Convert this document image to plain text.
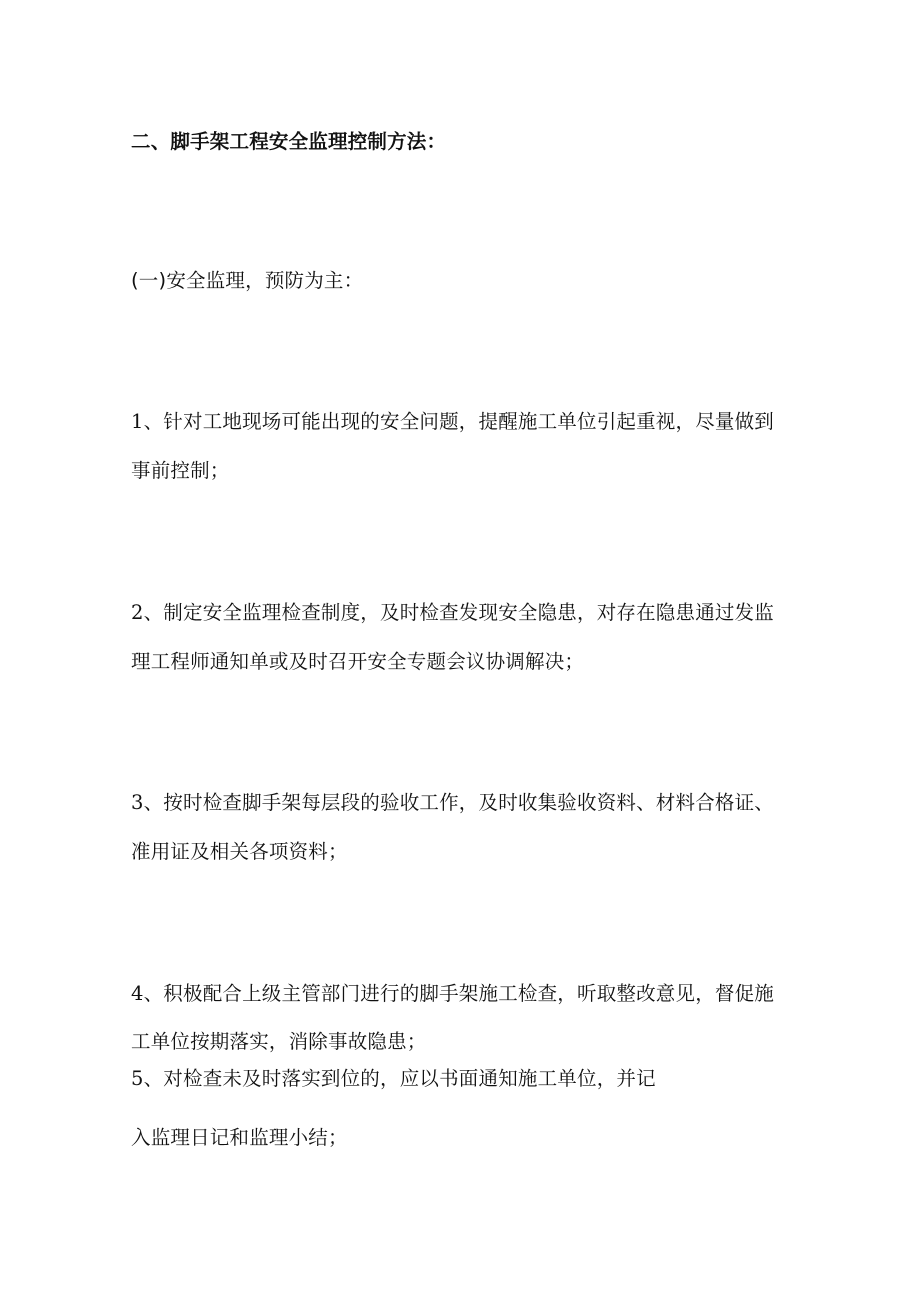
二、脚手架工程安全监理控制方法：
(一)安全监理，预防为主：
1、针对工地现场可能出现的安全问题，提醒施工单位引起重视，尽量做到
事前控制；
2、制定安全监理检查制度，及时检查发现安全隐患，对存在隐患通过发监
理工程师通知单或及时召开安全专题会议协调解决；
3、按时检查脚手架每层段的验收工作，及时收集验收资料、材料合格证、
准用证及相关各项资料；
4、积极配合上级主管部门进行的脚手架施工检查，听取整改意见，督促施
工单位按期落实，消除事故隐患；
5、对检查未及时落实到位的，应以书面通知施工单位，并记
入监理日记和监理小结；
